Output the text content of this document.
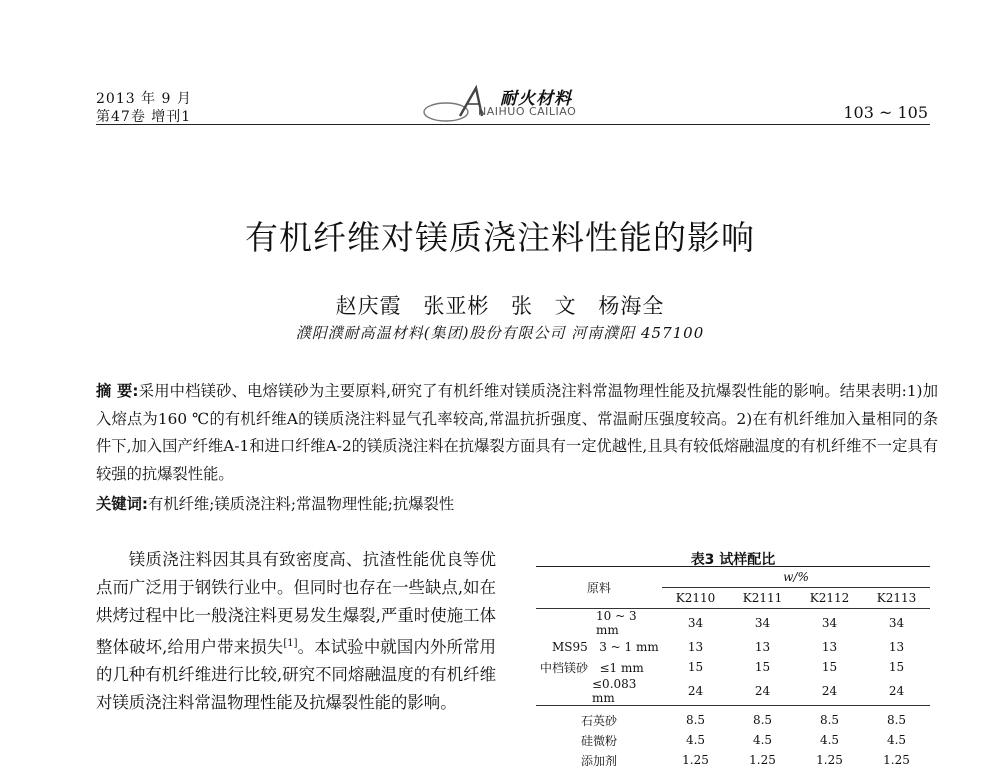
2013 年 9 月
第47卷 增刊1
耐火材料
NAIHUO CAILIAO	103 ~ 105
有机纤维对镁质浇注料性能的影响
赵庆霞 张亚彬 张 文 杨海全
濮阳濮耐高温材料(集团)股份有限公司 河南濮阳 457100
摘 要:采用中档镁砂、电熔镁砂为主要原料,研究了有机纤维对镁质浇注料常温物理性能及抗爆裂性能的影响。结果表明:1)加入熔点为160 ℃的有机纤维A的镁质浇注料显气孔率较高,常温抗折强度、常温耐压强度较高。2)在有机纤维加入量相同的条件下,加入国产纤维A-1和进口纤维A-2的镁质浇注料在抗爆裂方面具有一定优越性,且具有较低熔融温度的有机纤维不一定具有较强的抗爆裂性能。
关键词:有机纤维;镁质浇注料;常温物理性能;抗爆裂性
镁质浇注料因其具有致密度高、抗渣性能优良等优点而广泛用于钢铁行业中。但同时也存在一些缺点,如在烘烤过程中比一般浇注料更易发生爆裂,严重时使施工体整体破坏,给用户带来损失[1]。本试验中就国内外所常用的几种有机纤维进行比较,研究不同熔融温度的有机纤维对镁质浇注料常温物理性能及抗爆裂性能的影响。
表3 试样配比
原料	w/%			
	K2110	K2111	K2112	K2113
10 ~ 3 mm	34	34	34	34
MS95 3 ~ 1 mm	13	13	13	13
中档镁砂 ≤1 mm	15	15	15	15
≤0.083 mm	24	24	24	24
石英砂	8.5	8.5	8.5	8.5
硅微粉	4.5	4.5	4.5	4.5
添加剂	1.25	1.25	1.25	1.25
